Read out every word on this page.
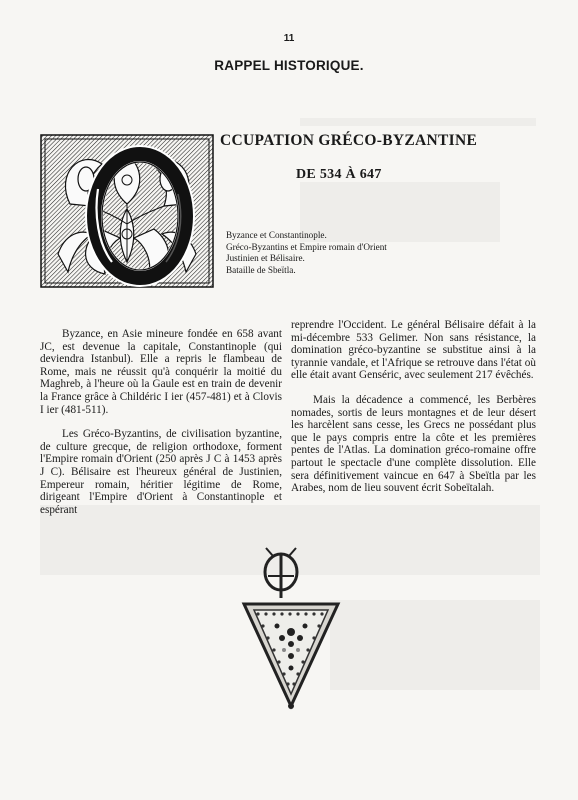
11
RAPPEL HISTORIQUE.
CCUPATION GRÉCO-BYZANTINE
DE 534 À 647
Byzance et Constantinople.
Gréco-Byzantins et Empire romain d'Orient
Justinien et Bélisaire.
Bataille de Sbeïtla.

Byzance, en Asie mineure fondée en 658 avant JC, est devenue la capitale, Constantinople (qui deviendra Istanbul). Elle a repris le flambeau de Rome, mais ne réussit qu'à conquérir la moitié du Maghreb, à l'heure où la Gaule est en train de devenir la France grâce à Childéric I ier (457-481) et à Clovis I ier (481-511).

Les Gréco-Byzantins, de civilisation byzantine, de culture grecque, de religion orthodoxe, forment l'Empire romain d'Orient (250 après J C à 1453 après J C). Bélisaire est l'heureux général de Justinien, Empereur romain, héritier légitime de Rome, dirigeant l'Empire d'Orient à Constantinople et espérant

reprendre l'Occident. Le général Bélisaire défait à la mi-décembre 533 Gelimer. Non sans résistance, la domination gréco-byzantine se substitue ainsi à la tyrannie vandale, et l'Afrique se retrouve dans l'état où elle était avant Genséric, avec seulement 217 évêchés.

Mais la décadence a commencé, les Berbères nomades, sortis de leurs montagnes et de leur désert les harcèlent sans cesse, les Grecs ne possédant plus que le pays compris entre la côte et les premières pentes de l'Atlas. La domination gréco-romaine offre partout le spectacle d'une complète dissolution. Elle sera définitivement vaincue en 647 à Sbeïtla par les Arabes, nom de lieu souvent écrit Sobeïtalah.
